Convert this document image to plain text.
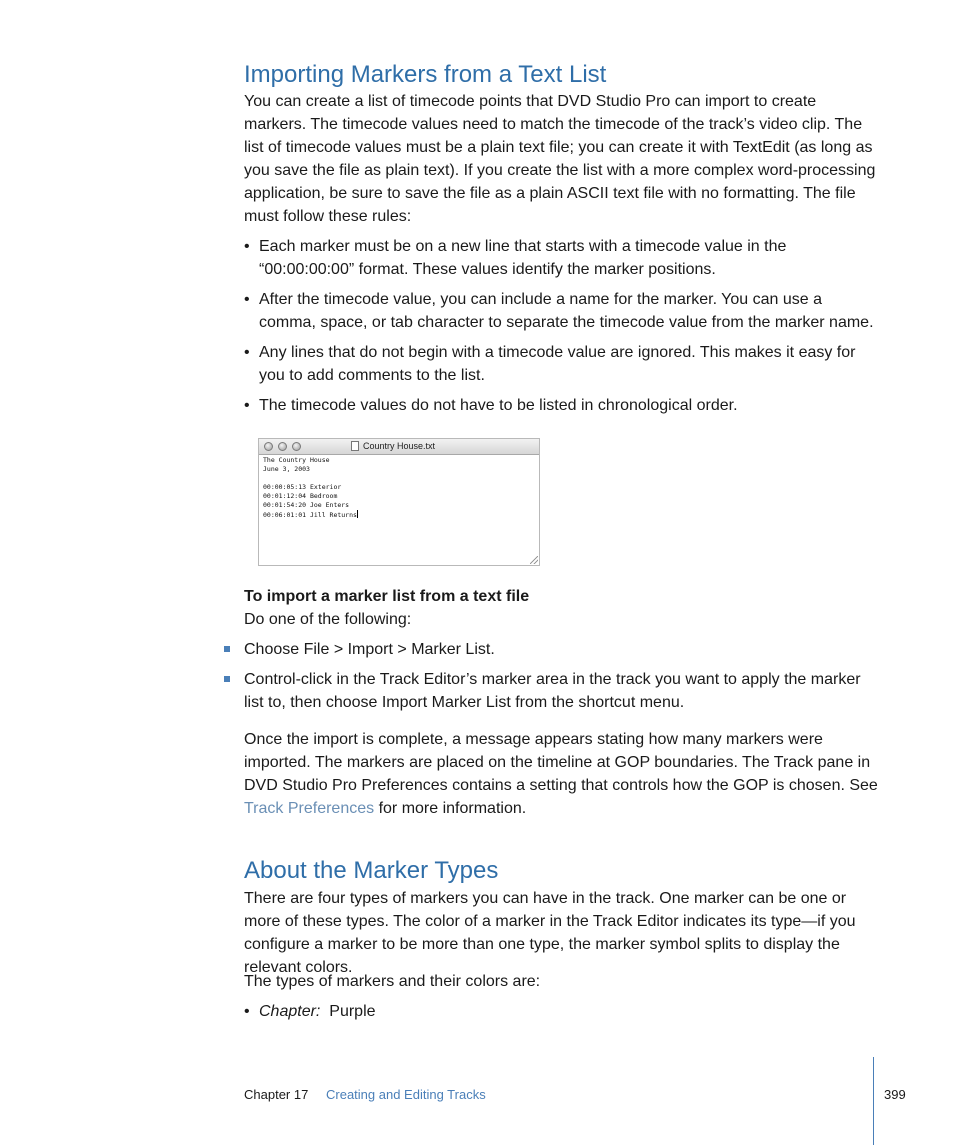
Importing Markers from a Text List

You can create a list of timecode points that DVD Studio Pro can import to create markers. The timecode values need to match the timecode of the track’s video clip. The list of timecode values must be a plain text file; you can create it with TextEdit (as long as you save the file as plain text). If you create the list with a more complex word-processing application, be sure to save the file as a plain ASCII text file with no formatting. The file must follow these rules:

• Each marker must be on a new line that starts with a timecode value in the “00:00:00:00” format. These values identify the marker positions.
• After the timecode value, you can include a name for the marker. You can use a comma, space, or tab character to separate the timecode value from the marker name.
• Any lines that do not begin with a timecode value are ignored. This makes it easy for you to add comments to the list.
• The timecode values do not have to be listed in chronological order.
Country House.txt
The Country House
June 3, 2003
00:00:05:13 Exterior
00:01:12:04 Bedroom
00:01:54:20 Joe Enters
00:06:01:01 Jill Returns

To import a marker list from a text file

Do one of the following:

Choose File > Import > Marker List.
Control-click in the Track Editor’s marker area in the track you want to apply the marker list to, then choose Import Marker List from the shortcut menu.

Once the import is complete, a message appears stating how many markers were imported. The markers are placed on the timeline at GOP boundaries. The Track pane in DVD Studio Pro Preferences contains a setting that controls how the GOP is chosen. See Track Preferences for more information.

About the Marker Types

There are four types of markers you can have in the track. One marker can be one or more of these types. The color of a marker in the Track Editor indicates its type—if you configure a marker to be more than one type, the marker symbol splits to display the relevant colors.

The types of markers and their colors are:

• Chapter: Purple
Chapter 17 Creating and Editing Tracks	399
